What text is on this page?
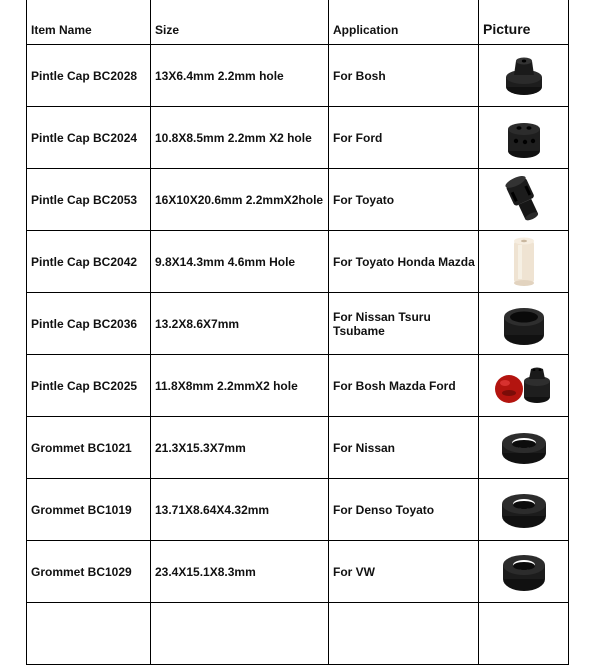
Item Name	Size	Application	Picture
Pintle Cap BC2028	13X6.4mm 2.2mm hole	For Bosh	

Pintle Cap BC2024	10.8X8.5mm 2.2mm X2 hole	For Ford	

Pintle Cap BC2053	16X10X20.6mm 2.2mmX2hole	For Toyato	

Pintle Cap BC2042	9.8X14.3mm 4.6mm Hole	For Toyato Honda Mazda	

Pintle Cap BC2036	13.2X8.6X7mm	For Nissan Tsuru Tsubame	

Pintle Cap BC2025	11.8X8mm 2.2mmX2 hole	For Bosh Mazda Ford	

Grommet BC1021	21.3X15.3X7mm	For Nissan	

Grommet BC1019	13.71X8.64X4.32mm	For Denso Toyato	

Grommet BC1029	23.4X15.1X8.3mm	For VW	
